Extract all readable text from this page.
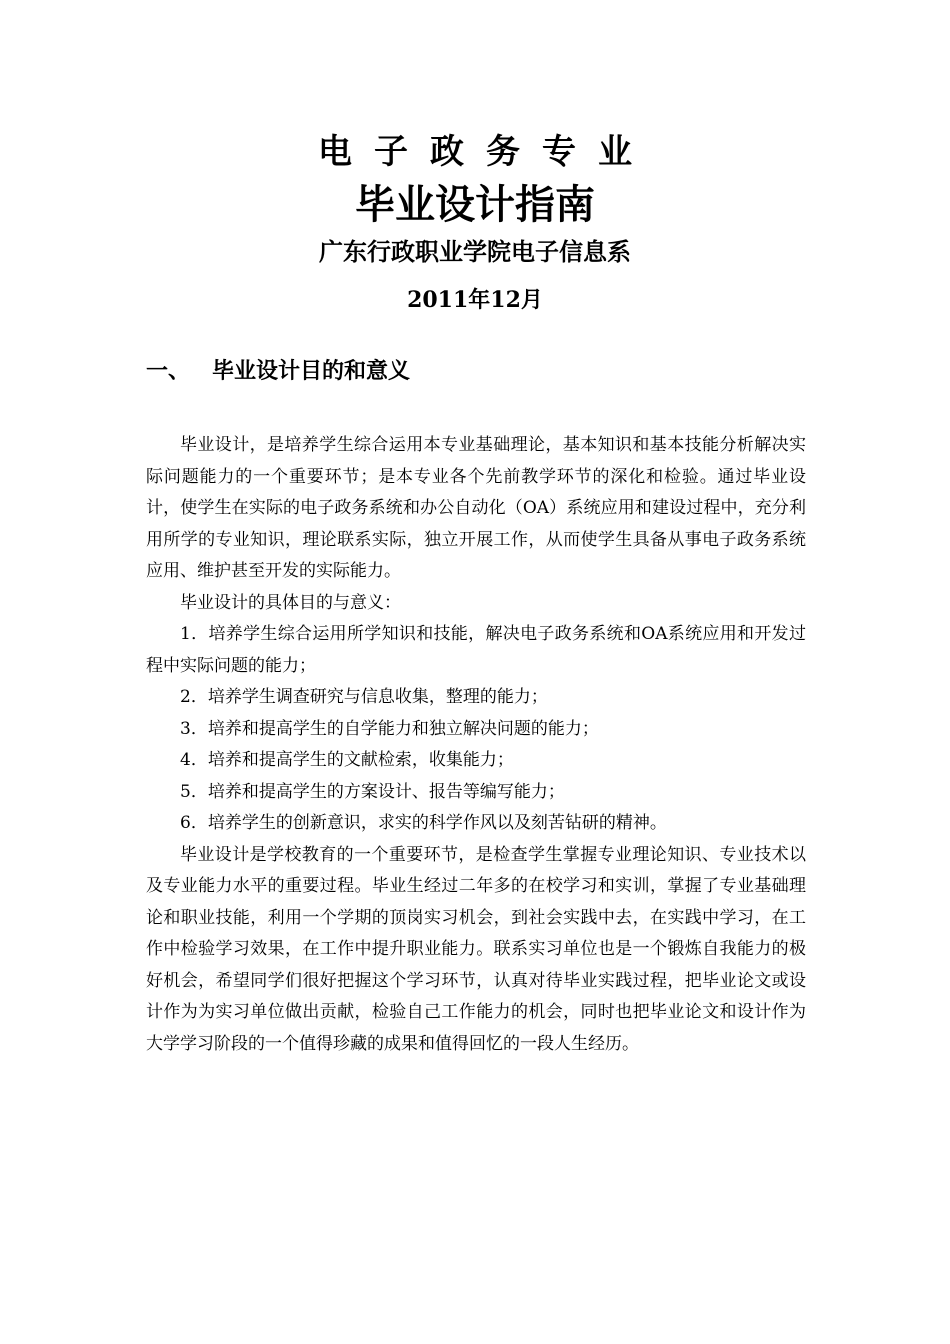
电子政务专业
毕业设计指南
广东行政职业学院电子信息系
2011年12月
一、 毕业设计目的和意义

毕业设计，是培养学生综合运用本专业基础理论，基本知识和基本技能分析解决实际问题能力的一个重要环节；是本专业各个先前教学环节的深化和检验。通过毕业设计，使学生在实际的电子政务系统和办公自动化（OA）系统应用和建设过程中，充分利用所学的专业知识，理论联系实际，独立开展工作，从而使学生具备从事电子政务系统应用、维护甚至开发的实际能力。

毕业设计的具体目的与意义：

1．培养学生综合运用所学知识和技能，解决电子政务系统和OA系统应用和开发过程中实际问题的能力；

2．培养学生调查研究与信息收集，整理的能力；

3．培养和提高学生的自学能力和独立解决问题的能力；

4．培养和提高学生的文献检索，收集能力；

5．培养和提高学生的方案设计、报告等编写能力；

6．培养学生的创新意识，求实的科学作风以及刻苦钻研的精神。

毕业设计是学校教育的一个重要环节，是检查学生掌握专业理论知识、专业技术以及专业能力水平的重要过程。毕业生经过二年多的在校学习和实训，掌握了专业基础理论和职业技能，利用一个学期的顶岗实习机会，到社会实践中去，在实践中学习，在工作中检验学习效果，在工作中提升职业能力。联系实习单位也是一个锻炼自我能力的极好机会，希望同学们很好把握这个学习环节，认真对待毕业实践过程，把毕业论文或设计作为为实习单位做出贡献，检验自己工作能力的机会，同时也把毕业论文和设计作为大学学习阶段的一个值得珍藏的成果和值得回忆的一段人生经历。
